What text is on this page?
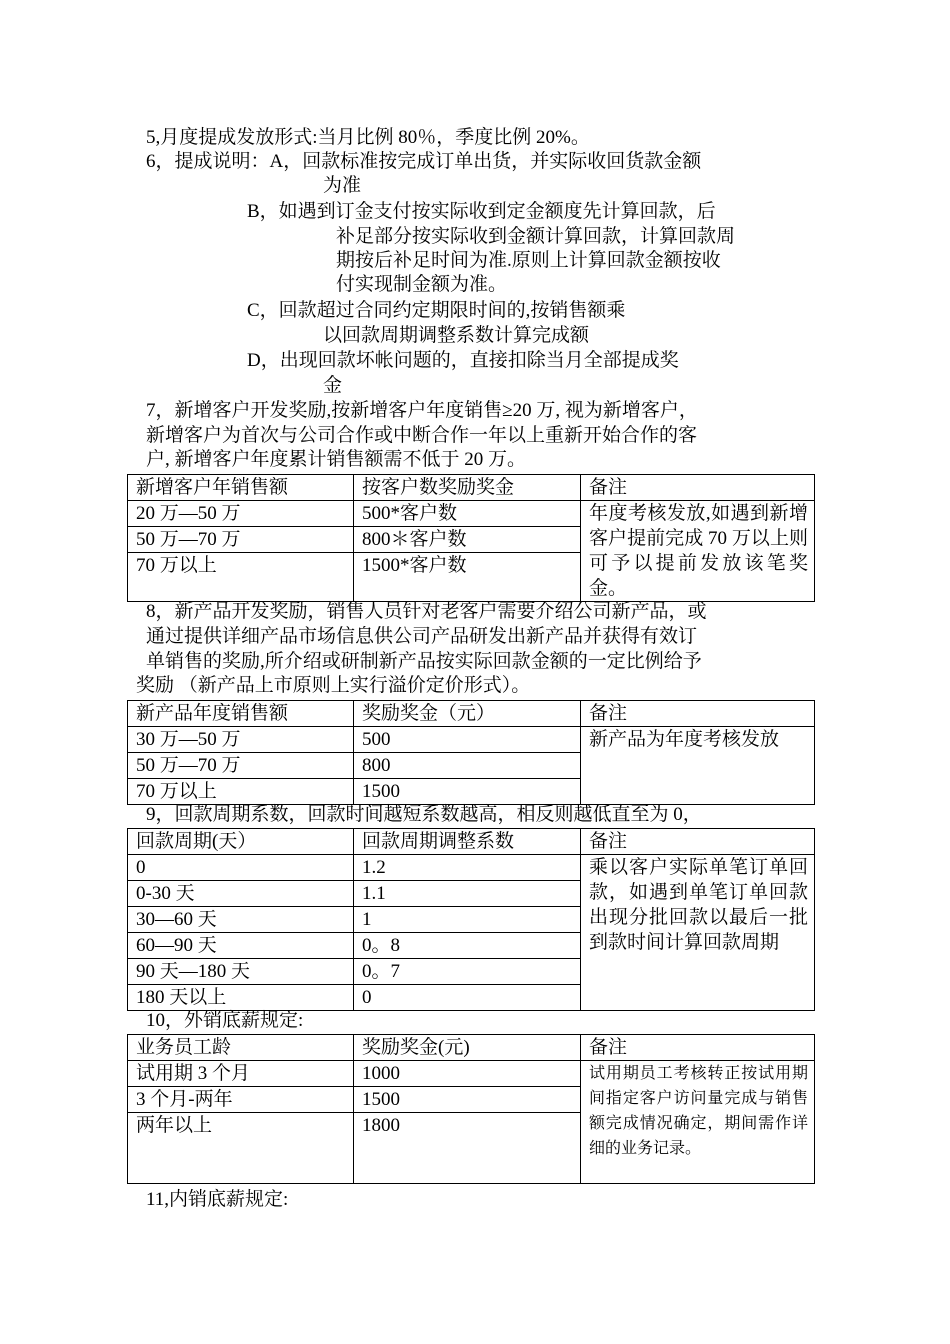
5,月度提成发放形式:当月比例 80％，季度比例 20%。
6，提成说明：A，回款标准按完成订单出货，并实际收回货款金额
为准
B，如遇到订金支付按实际收到定金额度先计算回款，后
补足部分按实际收到金额计算回款，计算回款周
期按后补足时间为准.原则上计算回款金额按收
付实现制金额为准。
C，回款超过合同约定期限时间的,按销售额乘
以回款周期调整系数计算完成额
D，出现回款坏帐问题的，直接扣除当月全部提成奖
金
7，新增客户开发奖励,按新增客户年度销售≥20 万, 视为新增客户，
新增客户为首次与公司合作或中断合作一年以上重新开始合作的客
户, 新增客户年度累计销售额需不低于 20 万。
新增客户年销售额	按客户数奖励奖金	备注
20 万—50 万	500*客户数	年度考核发放,如遇到新增客户提前完成 70 万以上则可予以提前发放该笔奖金。
50 万—70 万	800＊客户数	
70 万以上	1500*客户数	
8，新产品开发奖励，销售人员针对老客户需要介绍公司新产品，或
通过提供详细产品市场信息供公司产品研发出新产品并获得有效订
单销售的奖励,所介绍或研制新产品按实际回款金额的一定比例给予
奖励 （新产品上市原则上实行溢价定价形式）。
新产品年度销售额	奖励奖金（元）	备注
30 万—50 万	500	新产品为年度考核发放
50 万—70 万	800	
70 万以上	1500	
9，回款周期系数，回款时间越短系数越高，相反则越低直至为 0，
回款周期(天）	回款周期调整系数	备注
0	1.2	乘以客户实际单笔订单回款，如遇到单笔订单回款出现分批回款以最后一批到款时间计算回款周期
0-30 天	1.1	
30—60 天	1	
60—90 天	0。8	
90 天—180 天	0。7	
180 天以上	0	
10，外销底薪规定:
业务员工龄	奖励奖金(元)	备注
试用期 3 个月	1000	试用期员工考核转正按试用期间指定客户访问量完成与销售额完成情况确定，期间需作详细的业务记录。
3 个月-两年	1500	
两年以上	1800	
11,内销底薪规定:
